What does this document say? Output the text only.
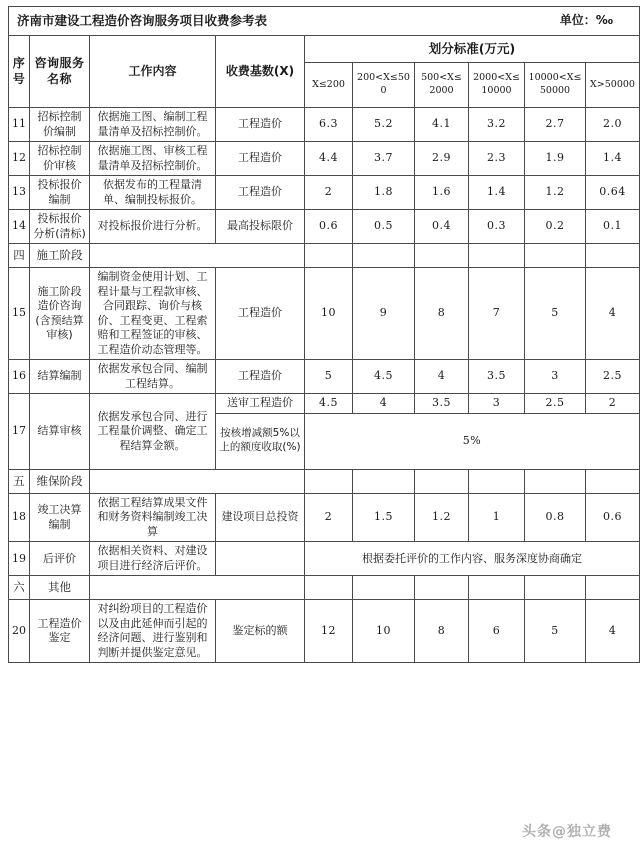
济南市建设工程造价咨询服务项目收费参考表 单位：‰									

序号	咨询服务名称	工作内容	收费基数(X)	划分标准(万元)					
				X≤200	200<X≤500	500<X≤ 2000	2000<X≤ 10000	10000<X≤ 50000	X>50000
11	招标控制价编制	依据施工图、编制工程量清单及招标控制价。	工程造价	6.3	5.2	4.1	3.2	2.7	2.0
12	招标控制价审核	依据施工图、审核工程量清单及招标控制价。	工程造价	4.4	3.7	2.9	2.3	1.9	1.4
13	投标报价编制	依据发布的工程量清单、编制投标报价。	工程造价	2	1.8	1.6	1.4	1.2	0.64
14	投标报价分析(清标)	对投标报价进行分析。	最高投标限价	0.6	0.5	0.4	0.3	0.2	0.1
四	施工阶段								
15	施工阶段造价咨询(含预结算审核)	编制资金使用计划、工程计量与工程款审核、合同跟踪、询价与核价、工程变更、工程索赔和工程签证的审核、工程造价动态管理等。	工程造价	10	9	8	7	5	4
16	结算编制	依据发承包合同、编制工程结算。	工程造价	5	4.5	4	3.5	3	2.5
17	结算审核	依据发承包合同、进行工程量价调整、确定工程结算金额。	送审工程造价	4.5	4	3.5	3	2.5	2
			按核增减额5%以上的额度收取(%)	5%					
五	维保阶段								
18	竣工决算编制	依据工程结算成果文件和财务资料编制竣工决算	建设项目总投资	2	1.5	1.2	1	0.8	0.6
19	后评价	依据相关资料、对建设项目进行经济后评价。		根据委托评价的工作内容、服务深度协商确定					
六	其他								
20	工程造价鉴定	对纠纷项目的工程造价以及由此延伸而引起的经济问题、进行鉴别和判断并提供鉴定意见。	鉴定标的额	12	10	8	6	5	4
头条@独立费
